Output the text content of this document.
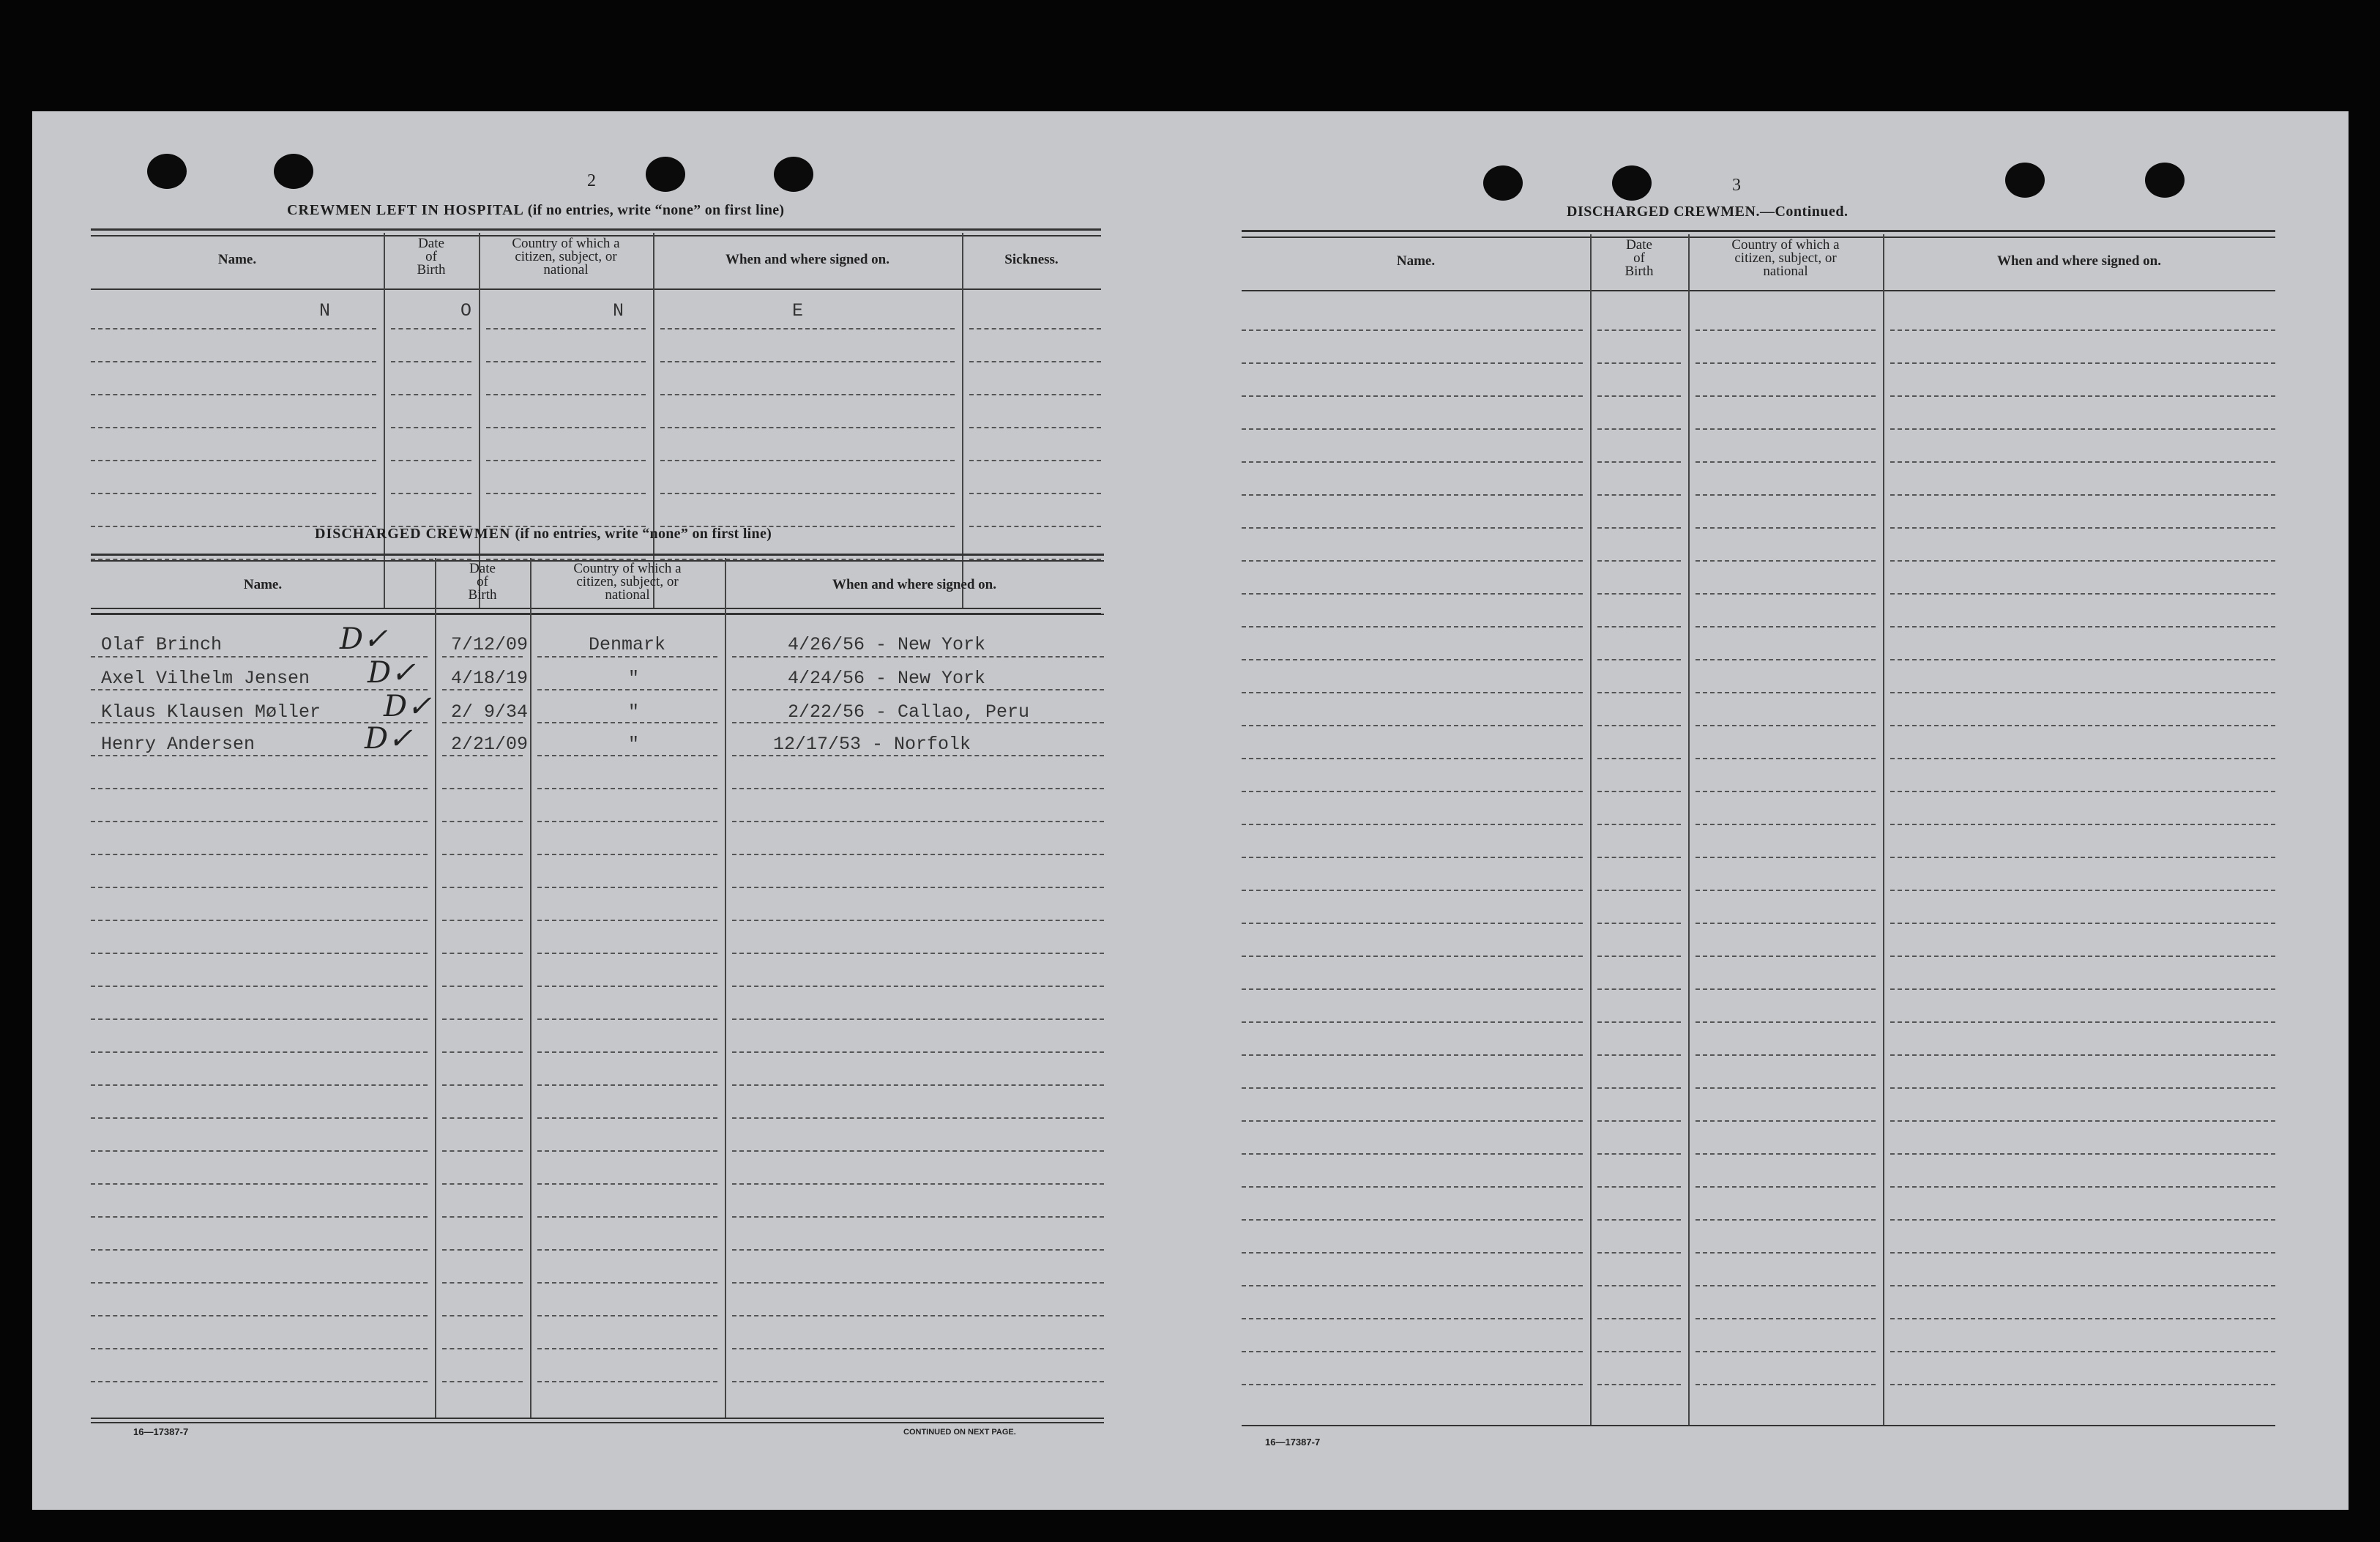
2
CREWMEN LEFT IN HOSPITAL (if no entries, write “none” on first line)
Name.
Date
of
Birth
Country of which a
citizen, subject, or
national
When and where signed on.	Sickness.
N	O	N	E
DISCHARGED CREWMEN (if no entries, write “none” on first line)
Name.
Date
of
Birth
Country of which a
citizen, subject, or
national
When and where signed on.
Olaf Brinch	D✓	7/12/09	Denmark	4/26/56 - New York
Axel Vilhelm Jensen D✓ 4/18/19	"	4/24/56 - New York
Klaus Klausen Møller D✓ 2/ 9/34	"	2/22/56 - Callao, Peru
Henry Andersen	D✓ 2/21/09	"	12/17/53 - Norfolk
16—17387-7	CONTINUED ON NEXT PAGE.
3
DISCHARGED CREWMEN.—Continued.
Name.
Date
of
Birth
Country of which a
citizen, subject, or
national
When and where signed on.
16—17387-7
